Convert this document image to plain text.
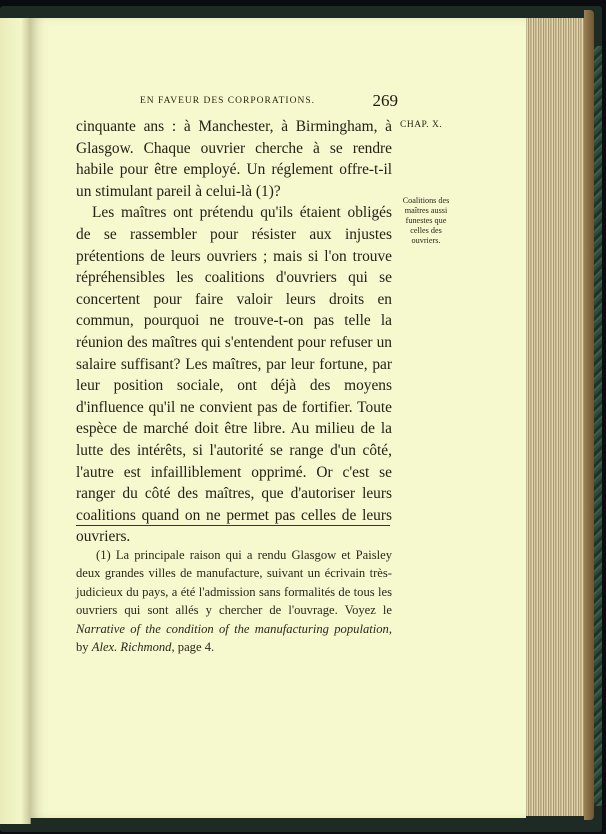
EN FAVEUR DES CORPORATIONS.	269
CHAP. X.
Coalitions des maîtres aussi funestes que celles des ouvriers.

cinquante ans : à Manchester, à Birmingham, à Glasgow. Chaque ouvrier cherche à se rendre habile pour être employé. Un réglement offre-t-il un stimulant pareil à celui-là (1)?

Les maîtres ont prétendu qu'ils étaient obligés de se rassembler pour résister aux injustes prétentions de leurs ouvriers ; mais si l'on trouve répréhensibles les coalitions d'ouvriers qui se concertent pour faire valoir leurs droits en commun, pourquoi ne trouve-t-on pas telle la réunion des maîtres qui s'entendent pour refuser un salaire suffisant? Les maîtres, par leur fortune, par leur position sociale, ont déjà des moyens d'influence qu'il ne convient pas de fortifier. Toute espèce de marché doit être libre. Au milieu de la lutte des intérêts, si l'autorité se range d'un côté, l'autre est infailliblement opprimé. Or c'est se ranger du côté des maîtres, que d'autoriser leurs coalitions quand on ne permet pas celles de leurs ouvriers.

(1) La principale raison qui a rendu Glasgow et Paisley deux grandes villes de manufacture, suivant un écrivain très-judicieux du pays, a été l'admission sans formalités de tous les ouvriers qui sont allés y chercher de l'ouvrage. Voyez le Narrative of the condition of the manufacturing population, by Alex. Richmond, page 4.
